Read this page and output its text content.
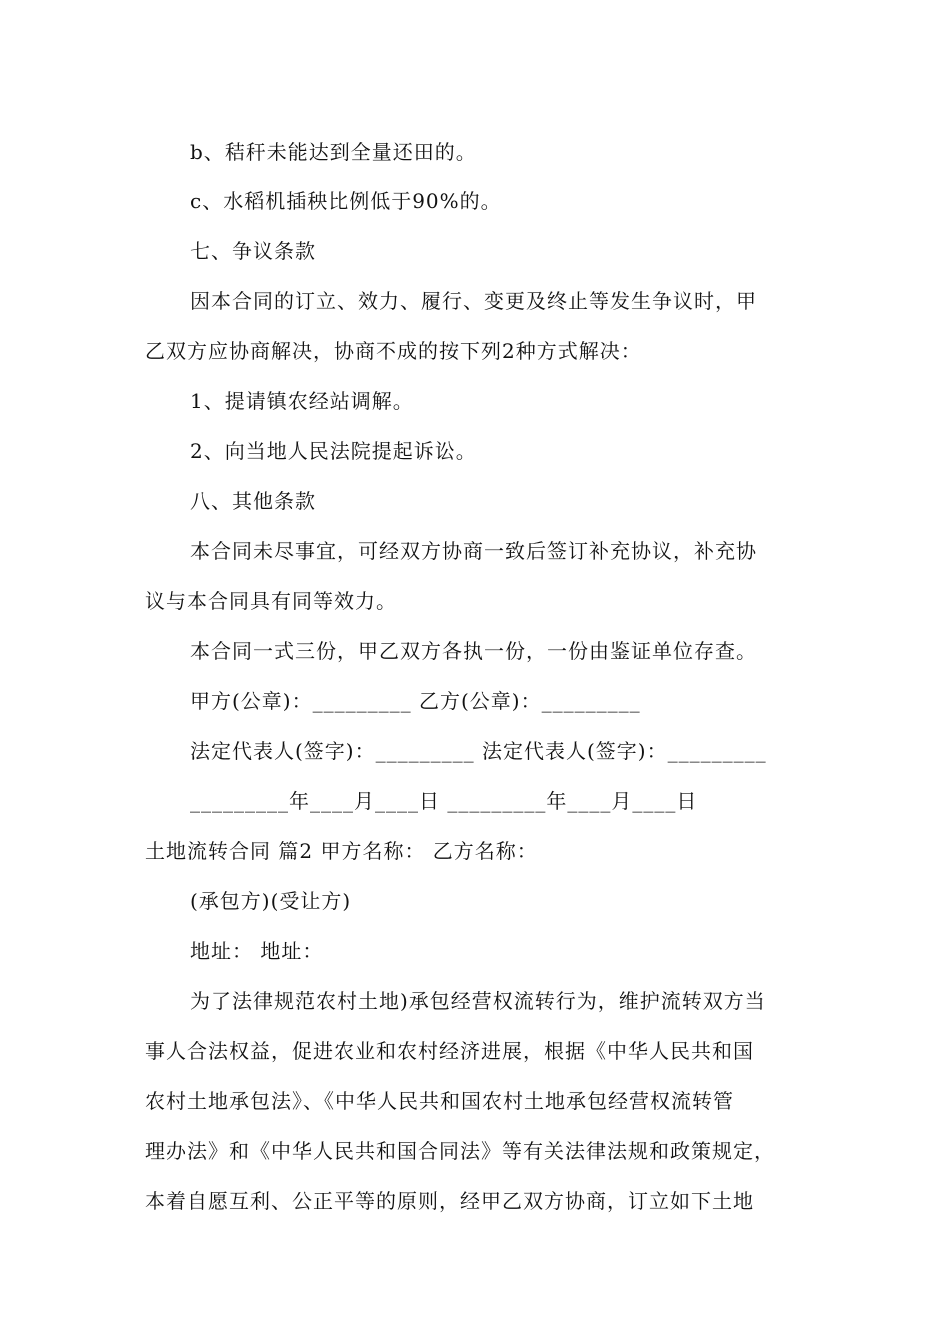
b、秸秆未能达到全量还田的。
c、水稻机插秧比例低于90%的。
七、争议条款
因本合同的订立、效力、履行、变更及终止等发生争议时，甲
乙双方应协商解决，协商不成的按下列2种方式解决：
1、提请镇农经站调解。
2、向当地人民法院提起诉讼。
八、其他条款
本合同未尽事宜，可经双方协商一致后签订补充协议，补充协
议与本合同具有同等效力。
本合同一式三份，甲乙双方各执一份，一份由鉴证单位存查。
甲方(公章)：_________ 乙方(公章)：_________
法定代表人(签字)：_________ 法定代表人(签字)：_________
_________年____月____日 _________年____月____日
土地流转合同 篇2 甲方名称： 乙方名称：
(承包方)(受让方)
地址： 地址：
为了法律规范农村土地)承包经营权流转行为，维护流转双方当
事人合法权益，促进农业和农村经济进展，根据《中华人民共和国
农村土地承包法》、《中华人民共和国农村土地承包经营权流转管
理办法》和《中华人民共和国合同法》等有关法律法规和政策规定，
本着自愿互利、公正平等的原则，经甲乙双方协商，订立如下土地
